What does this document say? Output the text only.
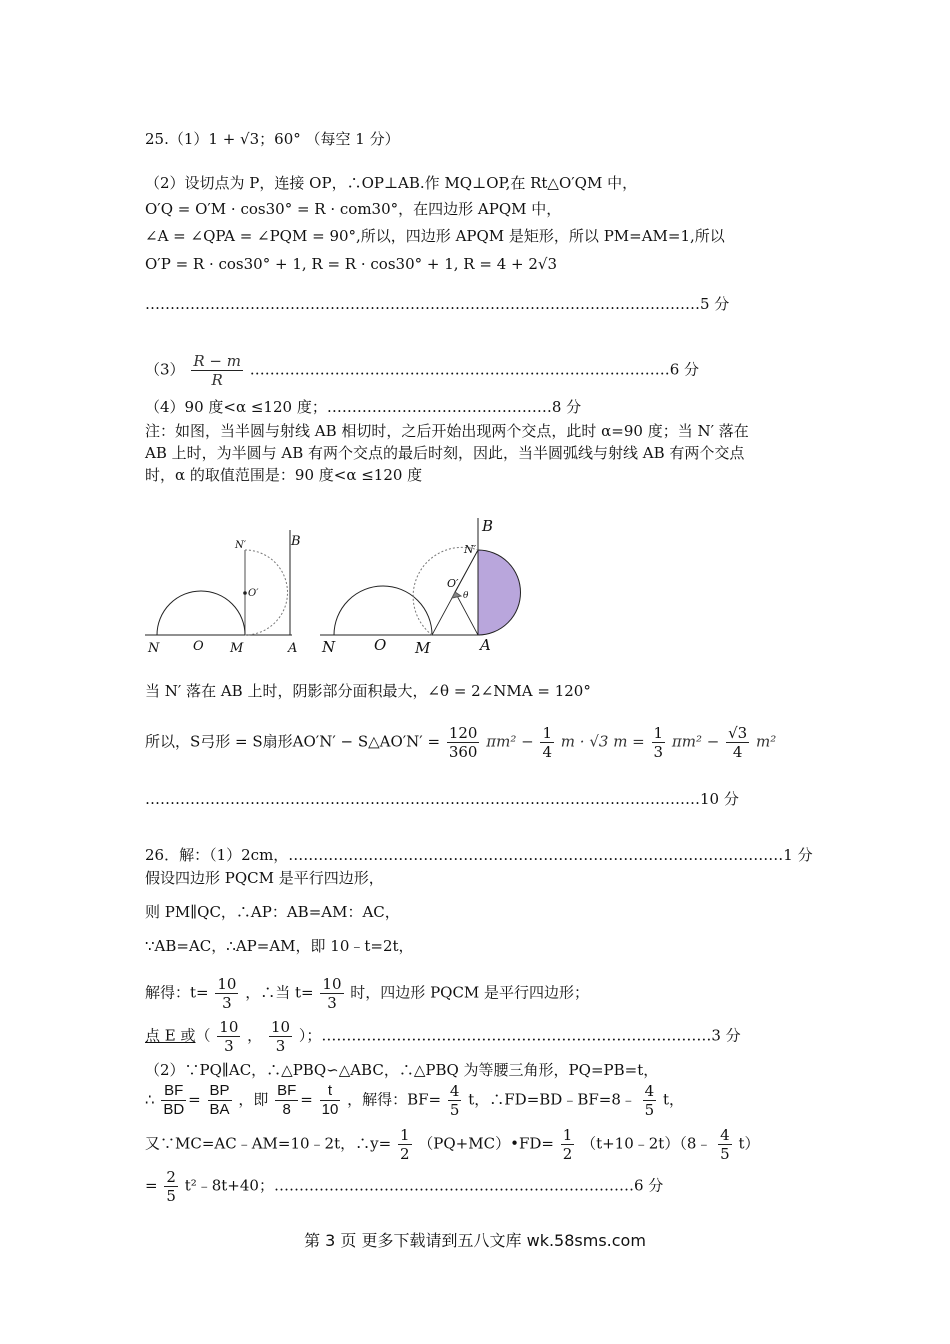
25.（1）1 + √3；60° （每空 1 分）
（2）设切点为 P，连接 OP，∴OP⊥AB.作 MQ⊥OP,在 Rt△O′QM 中，
O′Q = O′M · cos30° = R · com30°，在四边形 APQM 中，
∠A = ∠QPA = ∠PQM = 90°,所以，四边形 APQM 是矩形，所以 PM=AM=1,所以
O′P = R · cos30° + 1, R = R · cos30° + 1, R = 4 + 2√3
…………………………………………………………………………………………………5 分
$(3) \frac{R - m}{R}$ …………………………………………………………………………6 分
（4）90 度<α ≤120 度；………………………………………8 分
注：如图，当半圆与射线 AB 相切时，之后开始出现两个交点，此时 α=90 度；当 N′ 落在
AB 上时，为半圆与 AB 有两个交点的最后时刻，因此，当半圆弧线与射线 AB 有两个交点
时，α 的取值范围是：90 度<α ≤120 度
B
N′
O′
N	O M	A
B
N′
O′
θ
N	O M	A
当 N′ 落在 AB 上时，阴影部分面积最大，∠θ = 2∠NMA = 120°
所以，S弓形 = S扇形AO′N′ − S△AO′N′ = $\frac{120}{360} \pi m^2 - \frac{1}{4}$ m · √3 $m = \frac{1}{3} \pi m^2 - \frac{√3}{4} m^2$
…………………………………………………………………………………………………10 分
26．解：（1）2cm，………………………………………………………………………………………1 分
假设四边形 PQCM 是平行四边形，
则 PM∥QC，∴AP：AB=AM：AC，
∵AB=AC，∴AP=AM，即 10﹣t=2t，
解得：$t= \frac{10}{3}$ ，∴当 $t= \frac{10}{3}$ 时，四边形 PQCM 是平行四边形；
点 E 或（ $\frac{10}{3}$ ， $\frac{10}{3}$ ）；……………………………………………………………………3 分
（2）∵PQ∥AC，∴△PBQ∽△ABC，∴△PBQ 为等腰三角形，PQ=PB=t，
∴ $\frac{BF}{BD} = \frac{BP}{BA}$ ，即 $\frac{BF}{8} = \frac{t}{10}$ ，解得：$BF= \frac{4}{5}$ t，∴FD=BD﹣BF=8﹣ $\frac{4}{5}$ t，
又∵MC=AC﹣AM=10﹣2t，∴y= $\frac{1}{2}$ （PQ+MC）•FD= $\frac{1}{2}$ （t+10﹣2t）（8﹣ $\frac{4}{5} t$）
= $\frac{2}{5}$ t²﹣8t+40；………………………………………………………………6 分
第 3 页 更多下载请到五八文库 wk.58sms.com
